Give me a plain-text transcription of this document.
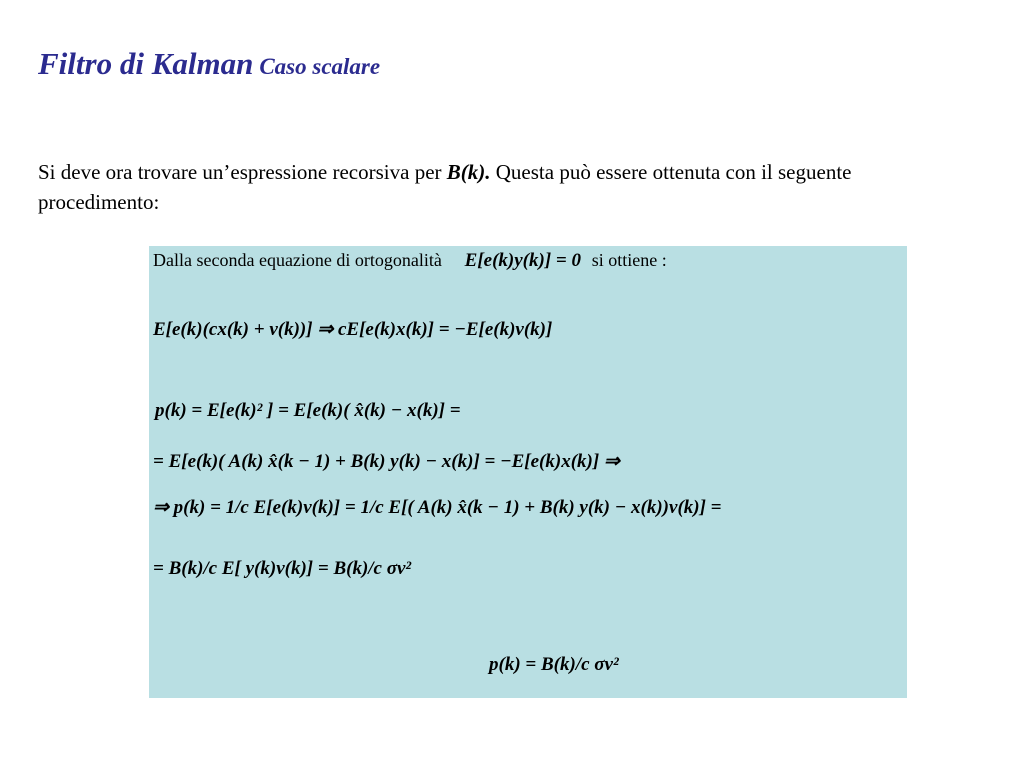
Filtro di Kalman Caso scalare
Si deve ora trovare un’espressione recorsiva per B(k). Questa può essere ottenuta con il seguente procedimento:
Dalla seconda equazione di ortogonalità E[e(k)y(k)] = 0 si ottiene :
E[e(k)(cx(k) + v(k))] ⇒ cE[e(k)x(k)] = −E[e(k)v(k)]
p(k) = E[e(k)² ] = E[e(k)( x̂(k) − x(k)] =
= E[e(k)( A(k) x̂(k − 1) + B(k) y(k) − x(k)] = −E[e(k)x(k)] ⇒
⇒ p(k) = 1/c E[e(k)v(k)] = 1/c E[( A(k) x̂(k − 1) + B(k) y(k) − x(k))v(k)] =
= B(k)/c E[ y(k)v(k)] = B(k)/c σv²
p(k) = B(k)/c σv²
